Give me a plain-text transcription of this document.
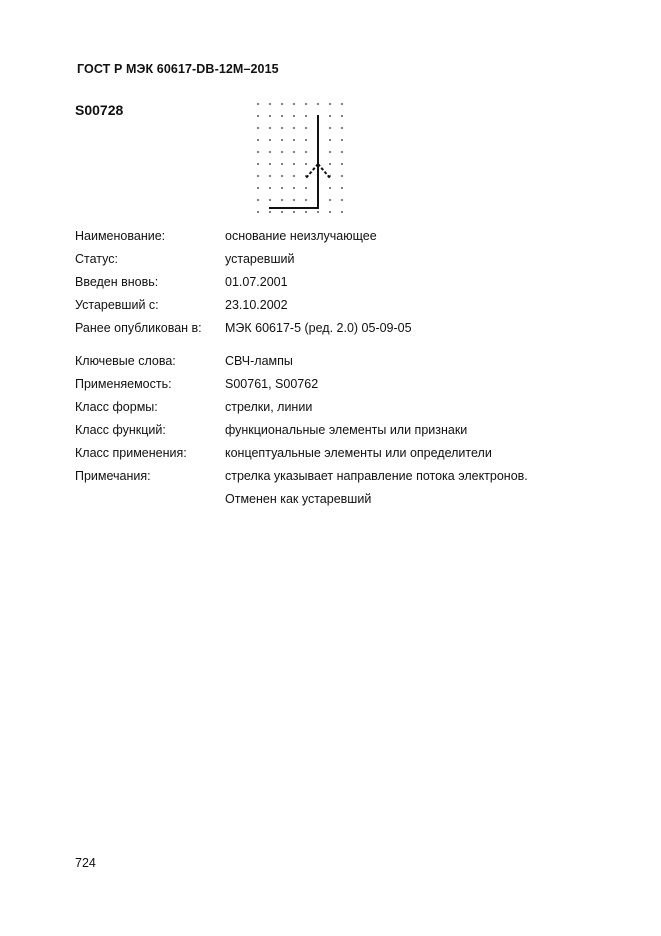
ГОСТ Р МЭК 60617-DB-12M–2015
S00728
Наименование:	основание неизлучающее
Статус:	устаревший
Введен вновь:	01.07.2001
Устаревший с:	23.10.2002
Ранее опубликован в: МЭК 60617-5 (ред. 2.0) 05-09-05
Ключевые слова:	СВЧ-лампы
Применяемость:	S00761, S00762
Класс формы:	стрелки, линии
Класс функций:	функциональные элементы или признаки
Класс применения:	концептуальные элементы или определители
Примечания:	стрелка указывает направление потока электронов.
Отменен как устаревший
724
